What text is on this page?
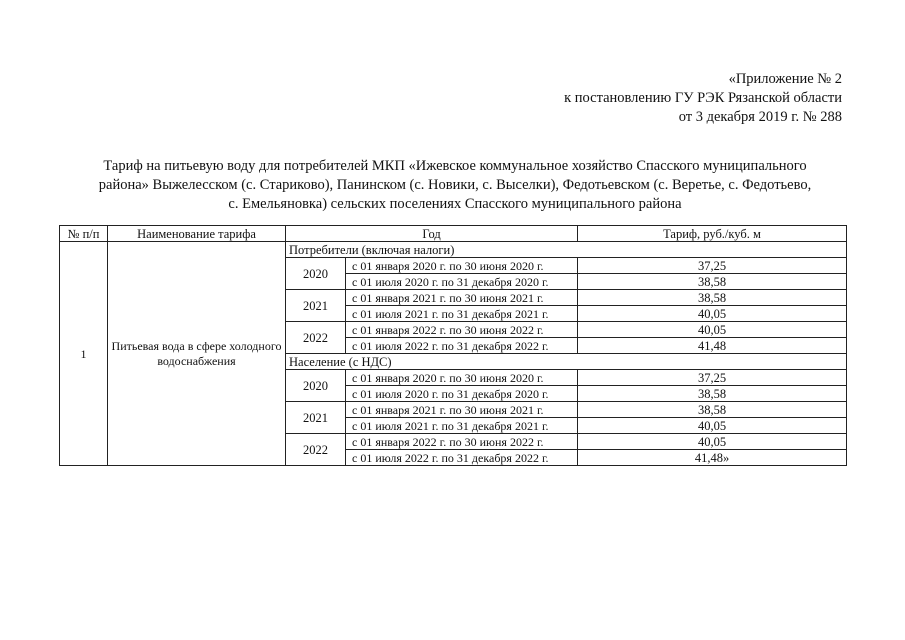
«Приложение № 2
к постановлению ГУ РЭК Рязанской области
от 3 декабря 2019 г. № 288
Тариф на питьевую воду для потребителей МКП «Ижевское коммунальное хозяйство Спасского муниципального
района» Выжелесском (с. Стариково), Панинском (с. Новики, с. Выселки), Федотьевском (с. Веретье, с. Федотьево,
с. Емельяновка) сельских поселениях Спасского муниципального района
№ п/п	Наименование тарифа	Год		Тариф, руб./куб. м
1	Питьевая вода в сфере холодного водоснабжения	Потребители (включая налоги)		
		2020	с 01 января 2020 г. по 30 июня 2020 г.	37,25
			с 01 июля 2020 г. по 31 декабря 2020 г.	38,58
		2021	с 01 января 2021 г. по 30 июня 2021 г.	38,58
			с 01 июля 2021 г. по 31 декабря 2021 г.	40,05
		2022	с 01 января 2022 г. по 30 июня 2022 г.	40,05
			с 01 июля 2022 г. по 31 декабря 2022 г.	41,48
		Население (с НДС)		
		2020	с 01 января 2020 г. по 30 июня 2020 г.	37,25
			с 01 июля 2020 г. по 31 декабря 2020 г.	38,58
		2021	с 01 января 2021 г. по 30 июня 2021 г.	38,58
			с 01 июля 2021 г. по 31 декабря 2021 г.	40,05
		2022	с 01 января 2022 г. по 30 июня 2022 г.	40,05
			с 01 июля 2022 г. по 31 декабря 2022 г.	41,48»
